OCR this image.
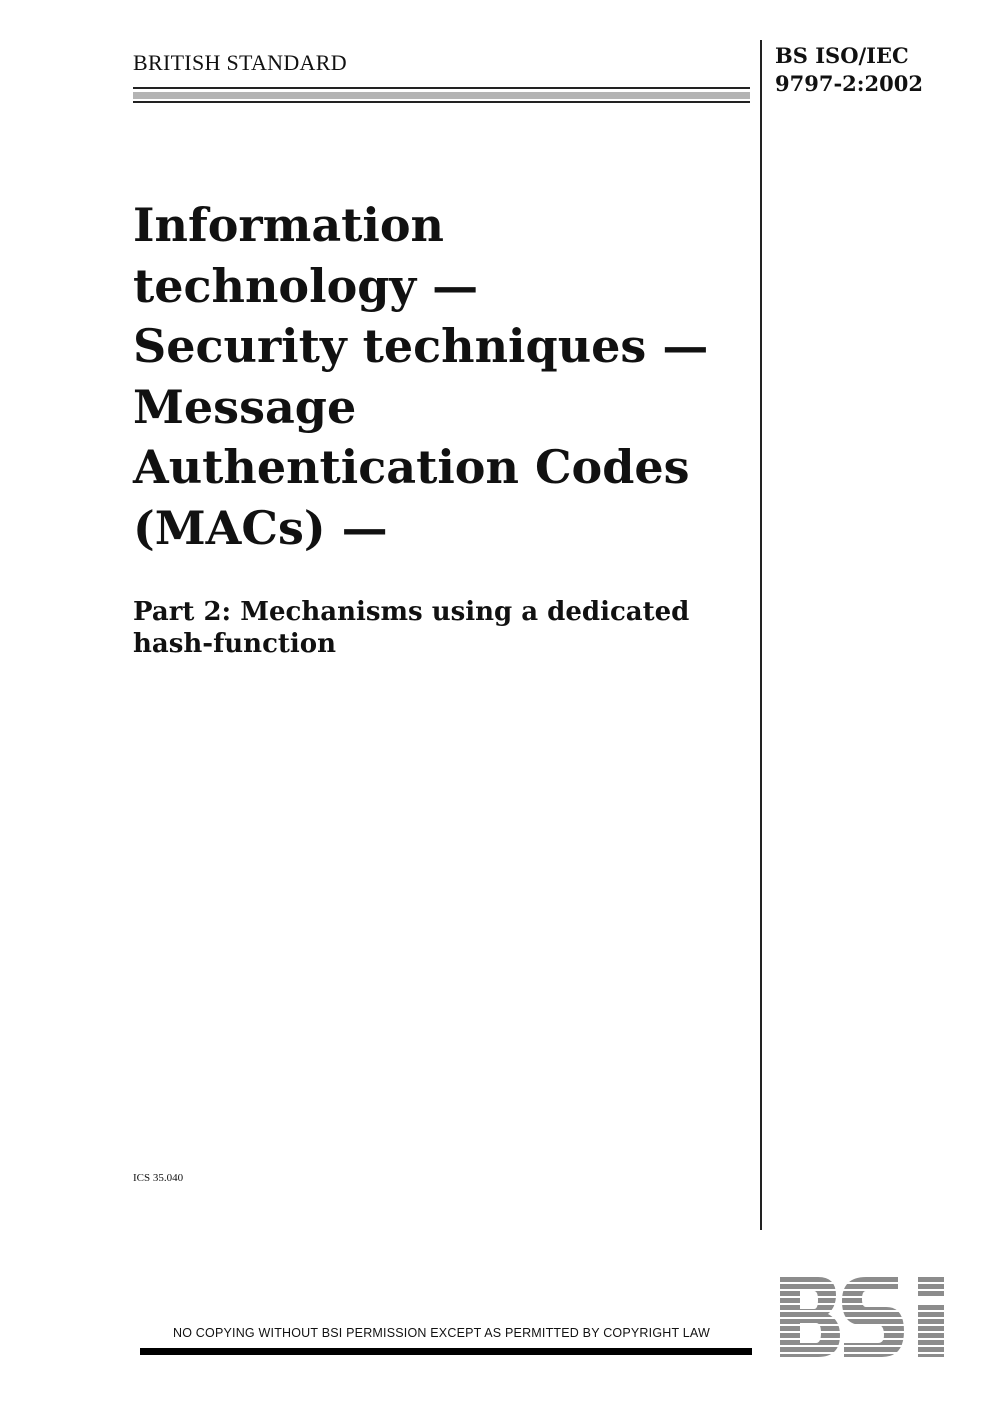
BRITISH STANDARD	BS ISO/IEC
9797-2:2002
Information
technology —
Security techniques —
Message
Authentication Codes
(MACs) —
Part 2: Mechanisms using a dedicated
hash-function
ICS 35.040
NO COPYING WITHOUT BSI PERMISSION EXCEPT AS PERMITTED BY COPYRIGHT LAW
